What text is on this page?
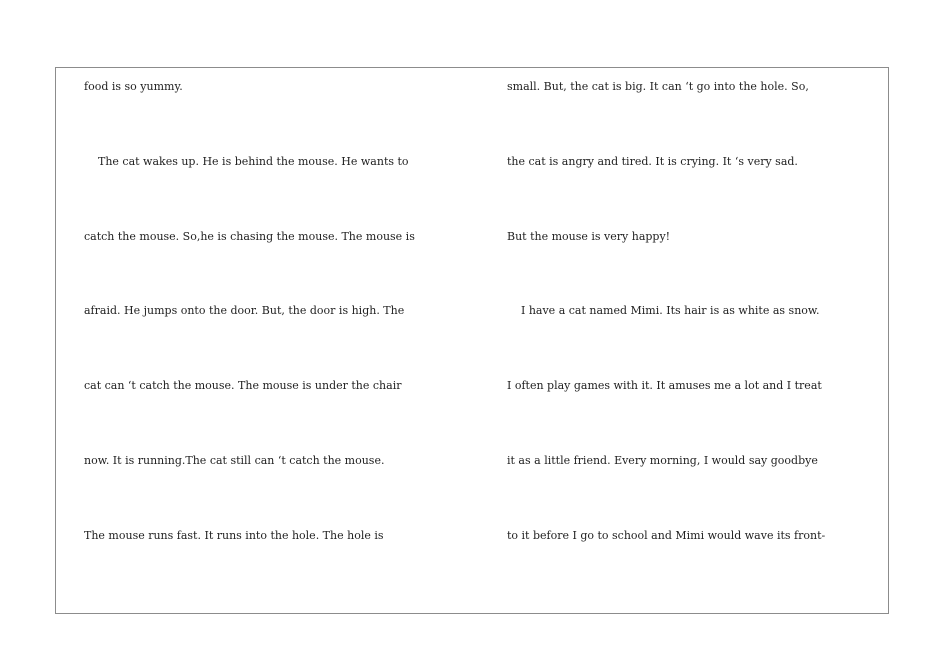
food is so yummy.

The cat wakes up. He is behind the mouse. He wants to

catch the mouse. So,he is chasing the mouse. The mouse is

afraid. He jumps onto the door. But, the door is high. The

cat can ‘t catch the mouse. The mouse is under the chair

now. It is running.The cat still can ‘t catch the mouse.

The mouse runs fast. It runs into the hole. The hole is

small. But, the cat is big. It can ‘t go into the hole. So,

the cat is angry and tired. It is crying. It ‘s very sad.

But the mouse is very happy!

I have a cat named Mimi. Its hair is as white as snow.

I often play games with it. It amuses me a lot and I treat

it as a little friend. Every morning, I would say goodbye

to it before I go to school and Mimi would wave its front-
